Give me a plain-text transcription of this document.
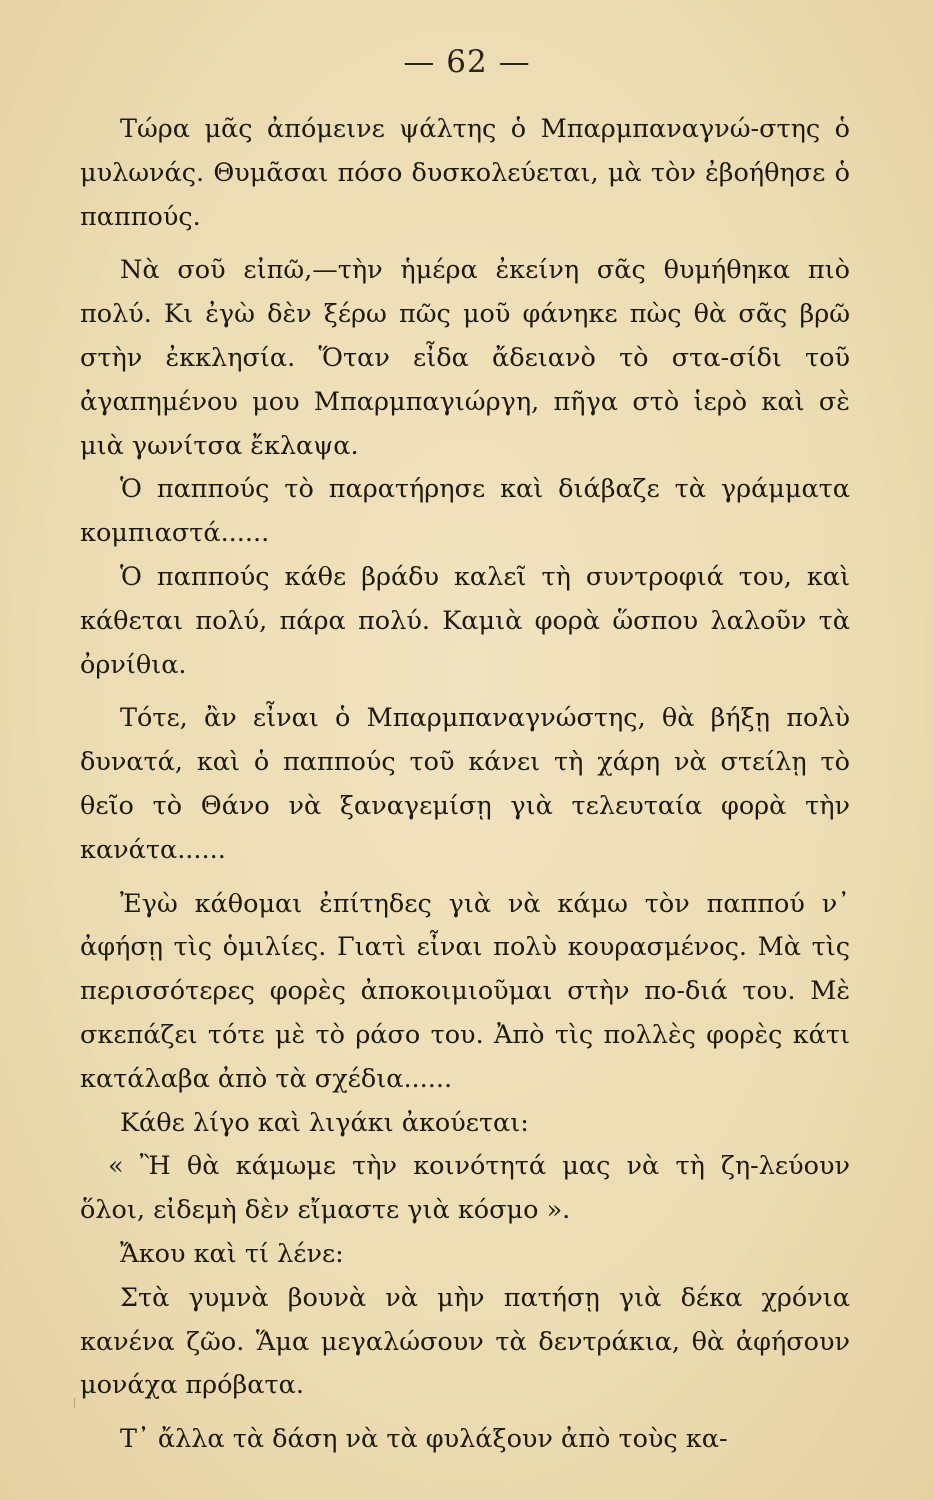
— 62 —

Τώρα μᾶς ἀπόμεινε ψάλτης ὁ Μπαρμπαναγνώ-στης ὁ μυλωνάς. Θυμᾶσαι πόσο δυσκολεύεται, μὰ τὸν ἐβοήθησε ὁ παππούς.

Νὰ σοῦ εἰπῶ,—τὴν ἡμέρα ἐκείνη σᾶς θυμήθηκα πιὸ πολύ. Κι ἐγὼ δὲν ξέρω πῶς μοῦ φάνηκε πὼς θὰ σᾶς βρῶ στὴν ἐκκλησία. Ὅταν εἶδα ἄδειανὸ τὸ στα-σίδι τοῦ ἀγαπημένου μου Μπαρμπαγιώργη, πῆγα στὸ ἱερὸ καὶ σὲ μιὰ γωνίτσα ἔκλαψα.

Ὁ παππούς τὸ παρατήρησε καὶ διάβαζε τὰ γράμματα κομπιαστά......

Ὁ παππούς κάθε βράδυ καλεῖ τὴ συντροφιά του, καὶ κάθεται πολύ, πάρα πολύ. Καμιὰ φορὰ ὥσπου λαλοῦν τὰ ὀρνίθια.

Τότε, ἂν εἶναι ὁ Μπαρμπαναγνώστης, θὰ βήξῃ πολὺ δυνατά, καὶ ὁ παππούς τοῦ κάνει τὴ χάρη νὰ στείλῃ τὸ θεῖο τὸ Θάνο νὰ ξαναγεμίσῃ γιὰ τελευταία φορὰ τὴν κανάτα......

Ἐγὼ κάθομαι ἐπίτηδες γιὰ νὰ κάμω τὸν παππού ν᾿ ἀφήσῃ τὶς ὁμιλίες. Γιατὶ εἶναι πολὺ κουρασμένος. Μὰ τὶς περισσότερες φορὲς ἀποκοιμιοῦμαι στὴν πο-διά του. Μὲ σκεπάζει τότε μὲ τὸ ράσο του. Ἀπὸ τὶς πολλὲς φορὲς κάτι κατάλαβα ἀπὸ τὰ σχέδια......

Κάθε λίγο καὶ λιγάκι ἀκούεται:

« Ἢ θὰ κάμωμε τὴν κοινότητά μας νὰ τὴ ζη-λεύουν ὅλοι, εἰδεμὴ δὲν εἴμαστε γιὰ κόσμο ».

Ἄκου καὶ τί λένε:

Στὰ γυμνὰ βουνὰ νὰ μὴν πατήσῃ γιὰ δέκα χρόνια κανένα ζῶο. Ἅμα μεγαλώσουν τὰ δεντράκια, θὰ ἀφήσουν μονάχα πρόβατα.

Τ᾿ ἄλλα τὰ δάση νὰ τὰ φυλάξουν ἀπὸ τοὺς κα-
